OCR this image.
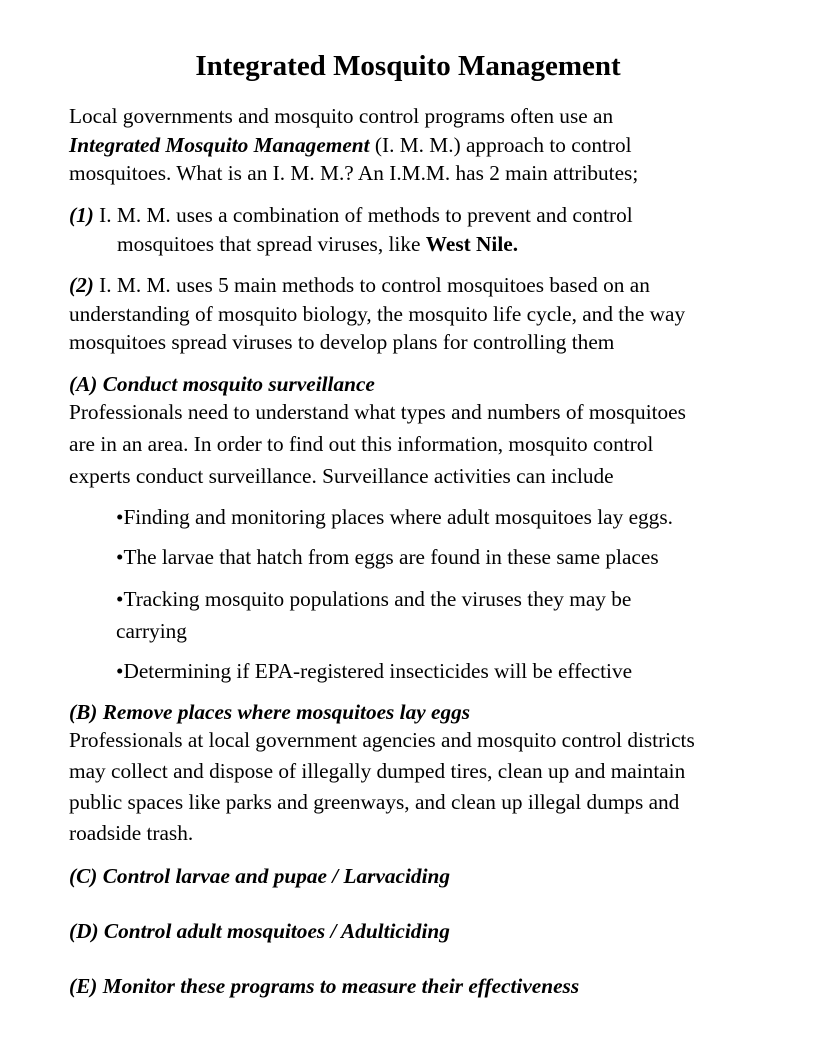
Integrated Mosquito Management
Local governments and mosquito control programs often use an
Integrated Mosquito Management (I. M. M.) approach to control
mosquitoes. What is an I. M. M.? An I.M.M. has 2 main attributes;
(1) I. M. M. uses a combination of methods to prevent and control
mosquitoes that spread viruses, like West Nile.
(2) I. M. M. uses 5 main methods to control mosquitoes based on an
understanding of mosquito biology, the mosquito life cycle, and the way
mosquitoes spread viruses to develop plans for controlling them
(A) Conduct mosquito surveillance
Professionals need to understand what types and numbers of mosquitoes
are in an area. In order to find out this information, mosquito control
experts conduct surveillance. Surveillance activities can include
•Finding and monitoring places where adult mosquitoes lay eggs.
•The larvae that hatch from eggs are found in these same places
•Tracking mosquito populations and the viruses they may be
carrying
•Determining if EPA-registered insecticides will be effective
(B) Remove places where mosquitoes lay eggs
Professionals at local government agencies and mosquito control districts
may collect and dispose of illegally dumped tires, clean up and maintain
public spaces like parks and greenways, and clean up illegal dumps and
roadside trash.
(C) Control larvae and pupae / Larvaciding
(D) Control adult mosquitoes / Adulticiding
(E) Monitor these programs to measure their effectiveness
